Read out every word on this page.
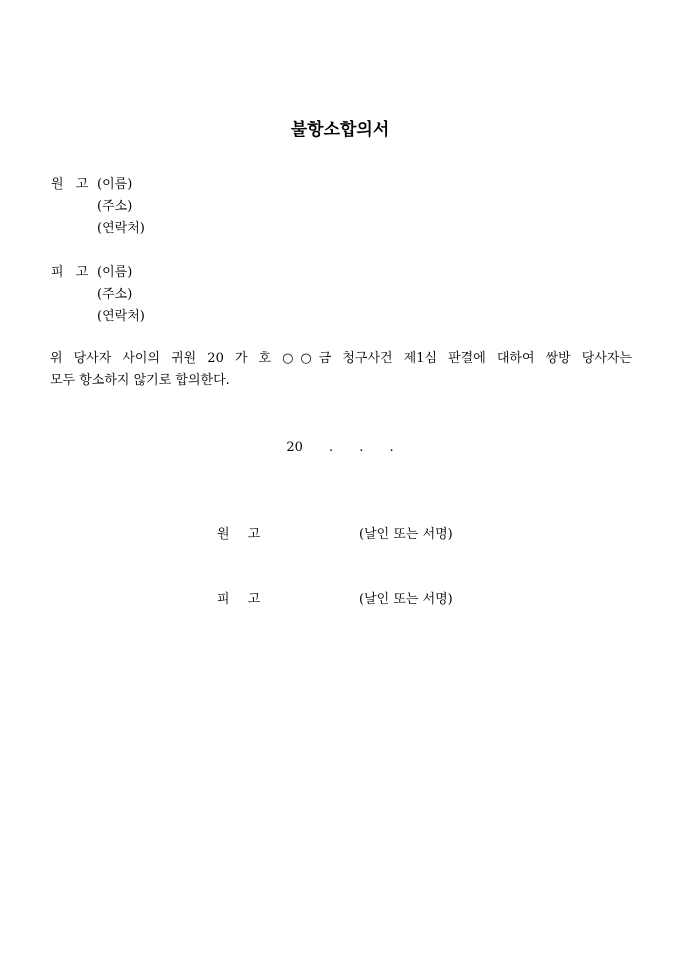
불항소합의서
원 고 (이름)
(주소)
(연락처)
피 고 (이름)
(주소)
(연락처)
위 당사자 사이의 귀원 20 가 호 ○○금 청구사건 제1심 판결에 대하여 쌍방 당사자는
모두 항소하지 않기로 합의한다.
20 . . .
원 고	(날인 또는 서명)
피 고	(날인 또는 서명)
